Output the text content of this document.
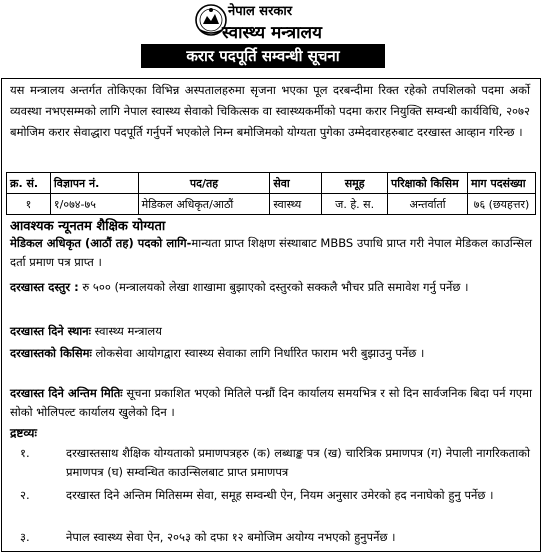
नेपाल सरकार
स्वास्थ्य मन्त्रालय
करार पदपूर्ति सम्वन्धी सूचना
यस मन्त्रालय अन्तर्गत तोकिएका विभिन्न अस्पतालहरुमा सृजना भएका पूल दरबन्दीमा रिक्त रहेको तपशिलको पदमा अर्को व्यवस्था नभएसम्मको लागि नेपाल स्वास्थ्य सेवाको चिकित्सक वा स्वास्थ्यकर्मीको पदमा करार नियुक्ति सम्वन्धी कार्यविधि, २०७२ बमोजिम करार सेवाद्धारा पदपूर्ति गर्नुपर्ने भएकोले निम्न बमोजिमको योग्यता पुगेका उम्मेदवारहरुबाट दरखास्त आव्हान गरिन्छ ।
क्र. सं.	विज्ञापन नं.	पद/तह	सेवा	समूह	परिक्षाको किसिम	माग पदसंख्या
१	१/०७४-७५	मेडिकल अधिकृत/आठौं	स्वास्थ्य	ज. हे. स.	अन्तर्वार्ता	७६ (छयहत्तर)
आवश्यक न्यूनतम शैक्षिक योग्यता
मेडिकल अधिकृत (आठौं तह) पदको लागि-मान्यता प्राप्त शिक्षण संस्थाबाट MBBS उपाधि प्राप्त गरी नेपाल मेडिकल काउन्सिल दर्ता प्रमाण पत्र प्राप्त ।
दरखास्त दस्तुर : रु ५०० (मन्त्रालयको लेखा शाखामा बुझाएको दस्तुरको सक्कलै भौचर प्रति समावेश गर्नु पर्नेछ ।
दरखास्त दिने स्थानः स्वास्थ्य मन्त्रालय
दरखास्तको किसिमः लोकसेवा आयोगद्वारा स्वास्थ्य सेवाका लागि निर्धारित फाराम भरी बुझाउनु पर्नेछ ।
दरखास्त दिने अन्तिम मितिः सूचना प्रकाशित भएको मितिले पन्ध्रौं दिन कार्यालय समयभित्र र सो दिन सार्वजनिक बिदा पर्न गएमा सोको भोलिपल्ट कार्यालय खुलेको दिन ।
द्रष्टव्यः
१.	दरखास्तसाथ शैक्षिक योग्यताको प्रमाणपत्रहरु (क) लब्धाङ्क पत्र (ख) चारित्रिक प्रमाणपत्र (ग) नेपाली नागरिकताको प्रमाणपत्र (घ) सम्वन्धित काउन्सिलबाट प्राप्त प्रमाणपत्र
२.	दरखास्त दिने अन्तिम मितिसम्म सेवा, समूह सम्वन्धी ऐन, नियम अनुसार उमेरको हद ननाघेको हुनु पर्नेछ ।
३.	नेपाल स्वास्थ्य सेवा ऐन, २०५३ को दफा १२ बमोजिम अयोग्य नभएको हुनुपर्नेछ ।
